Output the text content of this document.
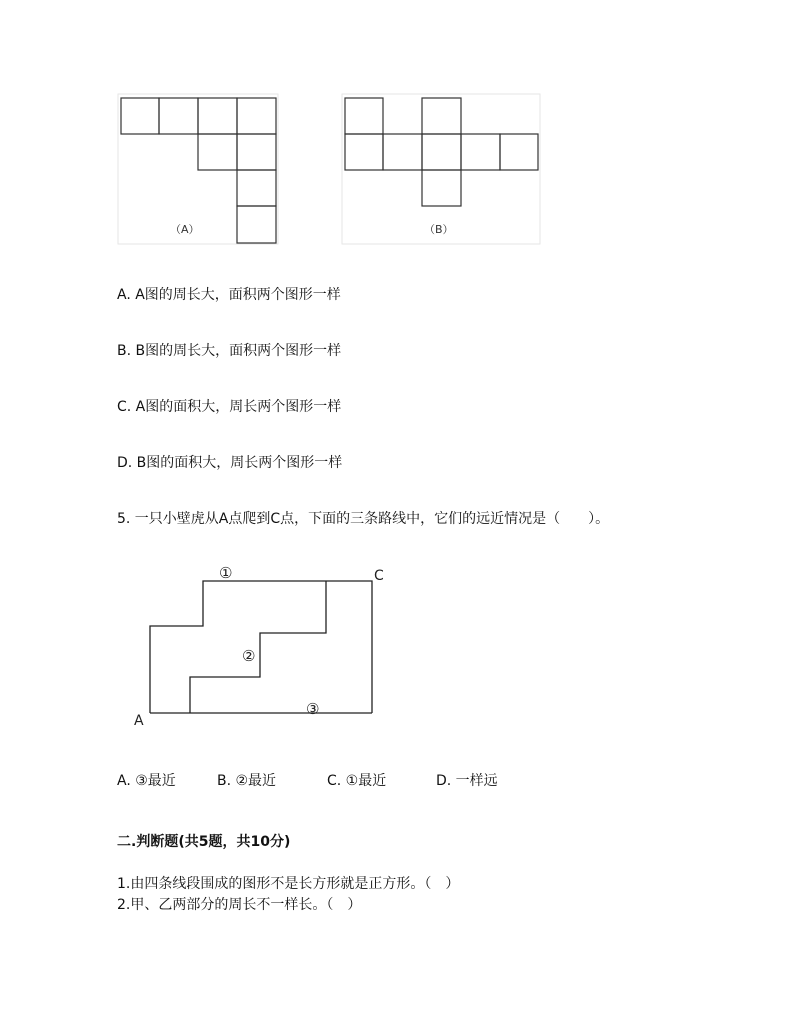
（A）	（B）
A. A图的周长大，面积两个图形一样
B. B图的周长大，面积两个图形一样
C. A图的面积大，周长两个图形一样
D. B图的面积大，周长两个图形一样
5. 一只小壁虎从A点爬到C点，下面的三条路线中，它们的远近情况是（　　）。
A
C
①
②
③
A. ③最近	B. ②最近	C. ①最近	D. 一样远
二.判断题(共5题，共10分)
1.由四条线段围成的图形不是长方形就是正方形。（　）
2.甲、乙两部分的周长不一样长。（　）
